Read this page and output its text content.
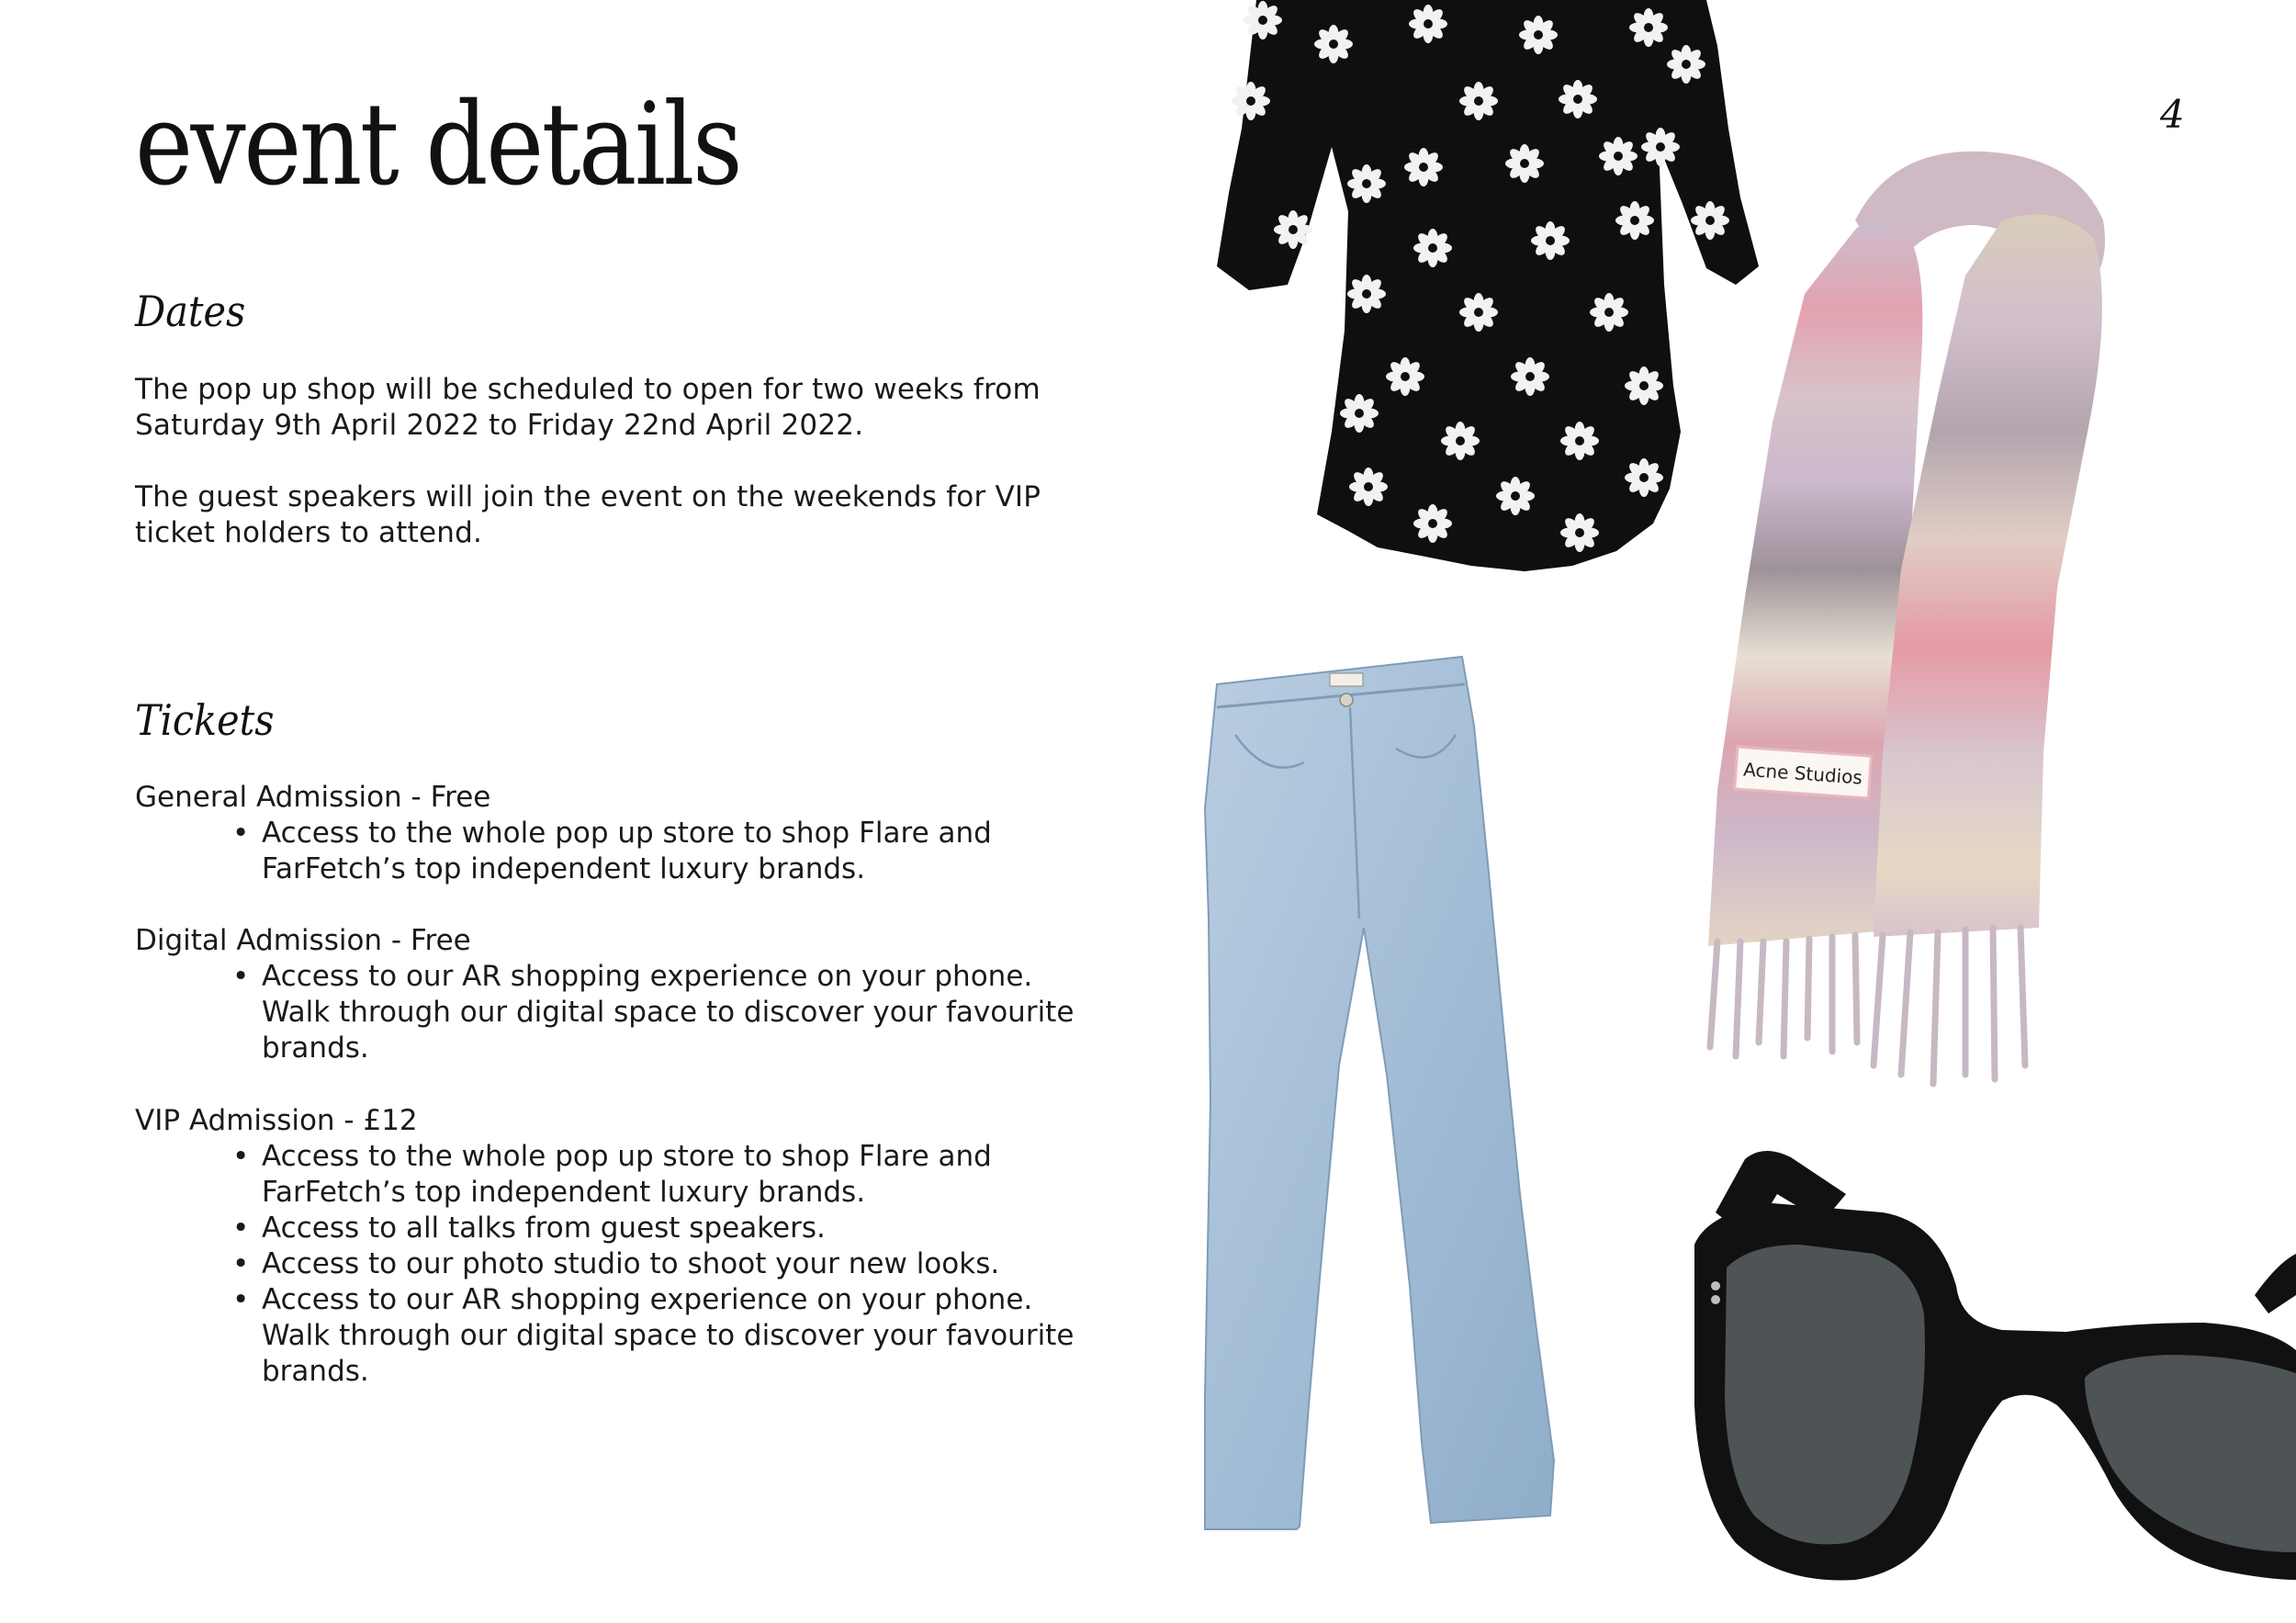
event details	4
Dates

The pop up shop will be scheduled to open for two weeks from Saturday 9th April 2022 to Friday 22nd April 2022.

The guest speakers will join the event on the weekends for VIP ticket holders to attend.

Tickets

General Admission - Free

• Access to the whole pop up store to shop Flare and FarFetch’s top independent luxury brands.

Digital Admission - Free

• Access to our AR shopping experience on your phone. Walk through our digital space to discover your favourite brands.

VIP Admission - £12

• Access to the whole pop up store to shop Flare and FarFetch’s top independent luxury brands.
• Access to all talks from guest speakers.
• Access to our photo studio to shoot your new looks.
• Access to our AR shopping experience on your phone. Walk through our digital space to discover your favourite brands.
Acne Studios
